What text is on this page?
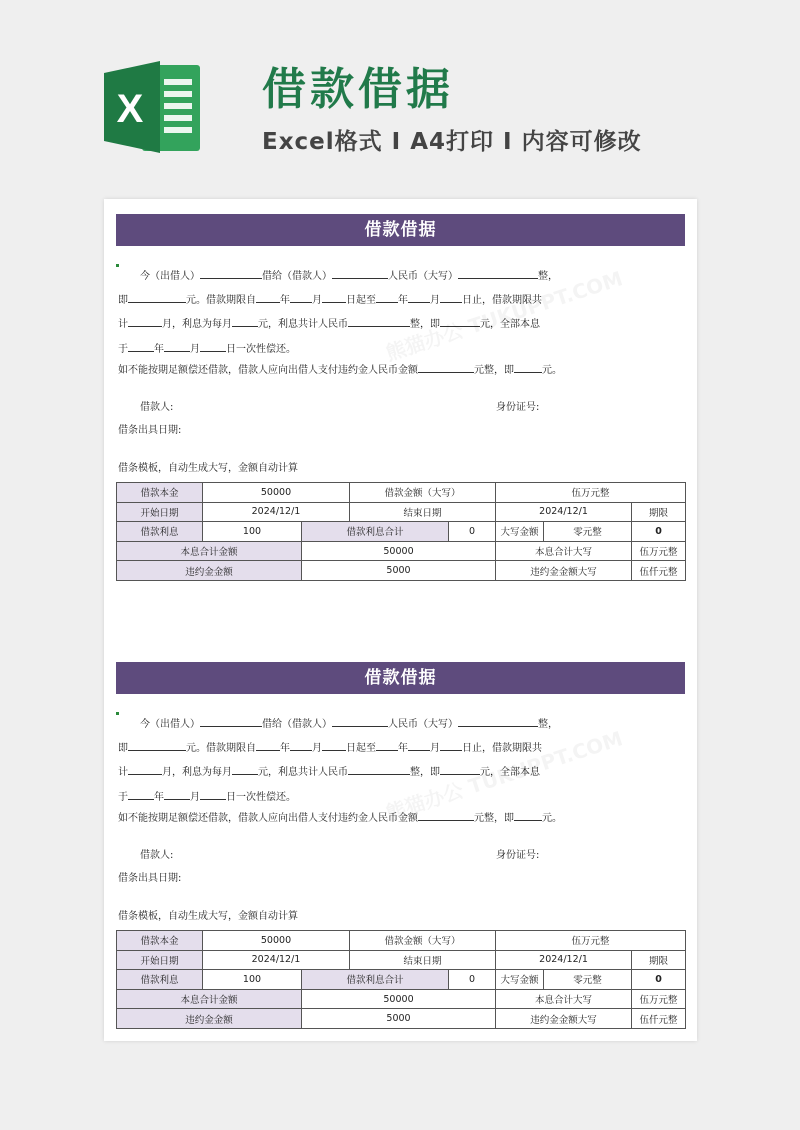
X	借款借据
Excel格式 I A4打印 I 内容可修改
借款借据
今（出借人）	借给（借款人）	人民币（大写）	整，
即	元。借款期限自 年 月 日起至 年 月 日止，借款期限共
计	月，利息为每月	元，利息共计人民币	整，即	元，全部本息
于	年	月	日一次性偿还。
如不能按期足额偿还借款，借款人应向出借人支付违约金人民币金额	元整，即	元。
借款人:	身份证号:
借条出具日期:
借条模板，自动生成大写，金额自动计算
借款本金	50000		借款金额（大写）		伍万元整		
开始日期	2024/12/1		结束日期		2024/12/1		期限
借款利息	100	借款利息合计		0	大写金额	零元整	0
本息合计金额		50000			本息合计大写		伍万元整
违约金金额		5000			违约金金额大写		伍仟元整
借款借据
今（出借人）	借给（借款人）	人民币（大写）	整，
即	元。借款期限自 年 月 日起至 年 月 日止，借款期限共
计	月，利息为每月	元，利息共计人民币	整，即	元，全部本息
于	年	月	日一次性偿还。
如不能按期足额偿还借款，借款人应向出借人支付违约金人民币金额	元整，即	元。
借款人:	身份证号:
借条出具日期:
借条模板，自动生成大写，金额自动计算
借款本金	50000		借款金额（大写）		伍万元整		
开始日期	2024/12/1		结束日期		2024/12/1		期限
借款利息	100	借款利息合计		0	大写金额	零元整	0
本息合计金额		50000			本息合计大写		伍万元整
违约金金额		5000			违约金金额大写		伍仟元整
